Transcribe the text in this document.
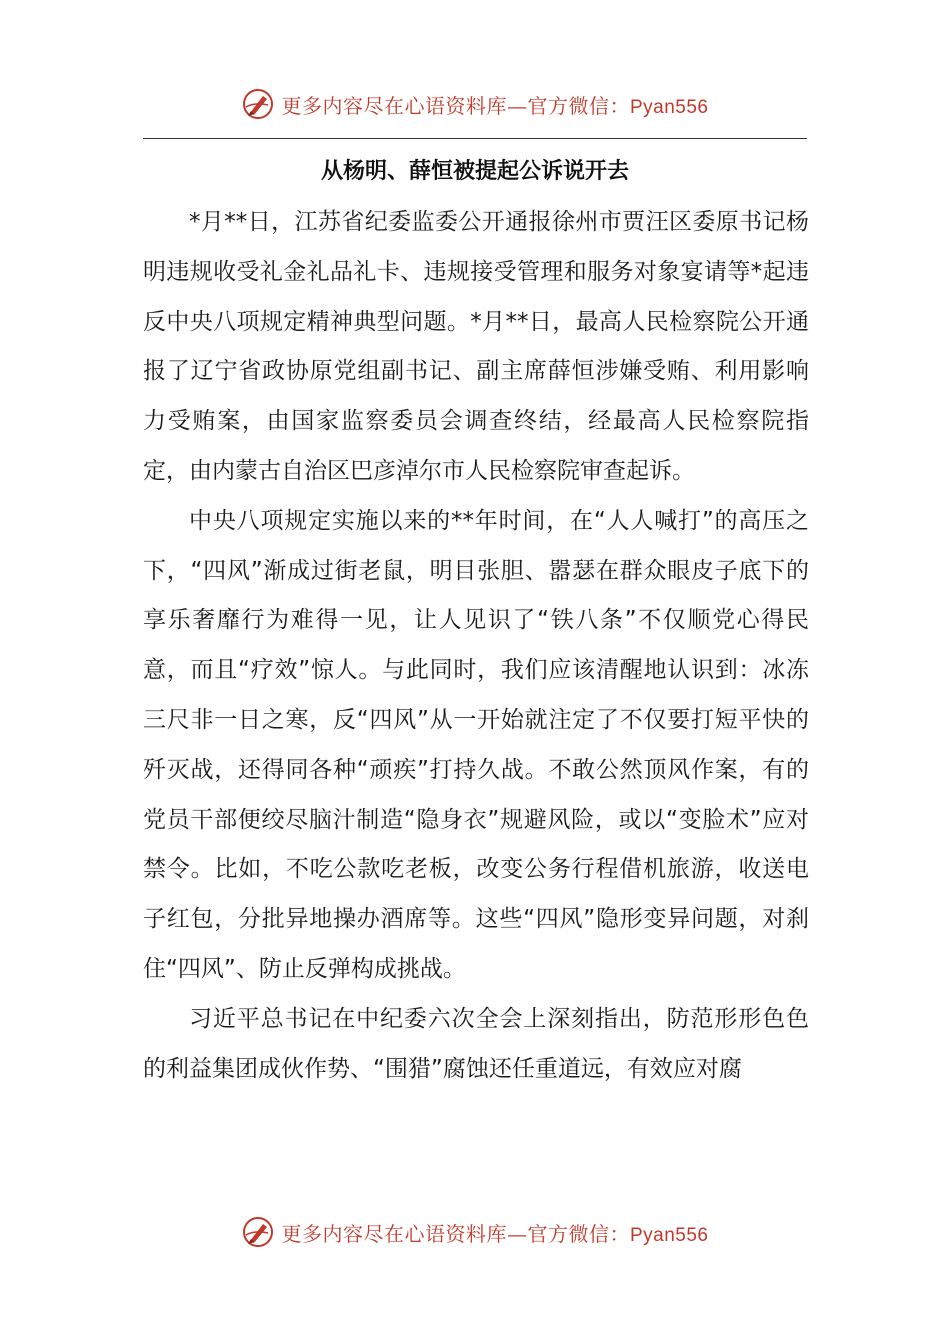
更多内容尽在心语资料库—官方微信：Pyan556
从杨明、薛恒被提起公诉说开去

*月**日，江苏省纪委监委公开通报徐州市贾汪区委原书记杨明违规收受礼金礼品礼卡、违规接受管理和服务对象宴请等*起违反中央八项规定精神典型问题。*月**日，最高人民检察院公开通报了辽宁省政协原党组副书记、副主席薛恒涉嫌受贿、利用影响力受贿案，由国家监察委员会调查终结，经最高人民检察院指定，由内蒙古自治区巴彦淖尔市人民检察院审查起诉。

中央八项规定实施以来的**年时间，在“人人喊打”的高压之下，“四风”渐成过街老鼠，明目张胆、嚣瑟在群众眼皮子底下的享乐奢靡行为难得一见，让人见识了“铁八条”不仅顺党心得民意，而且“疗效”惊人。与此同时，我们应该清醒地认识到：冰冻三尺非一日之寒，反“四风”从一开始就注定了不仅要打短平快的歼灭战，还得同各种“顽疾”打持久战。不敢公然顶风作案，有的党员干部便绞尽脑汁制造“隐身衣”规避风险，或以“变脸术”应对禁令。比如，不吃公款吃老板，改变公务行程借机旅游，收送电子红包，分批异地操办酒席等。这些“四风”隐形变异问题，对刹住“四风”、防止反弹构成挑战。

习近平总书记在中纪委六次全会上深刻指出，防范形形色色的利益集团成伙作势、“围猎”腐蚀还任重道远，有效应对腐

更多内容尽在心语资料库—官方微信：Pyan556
